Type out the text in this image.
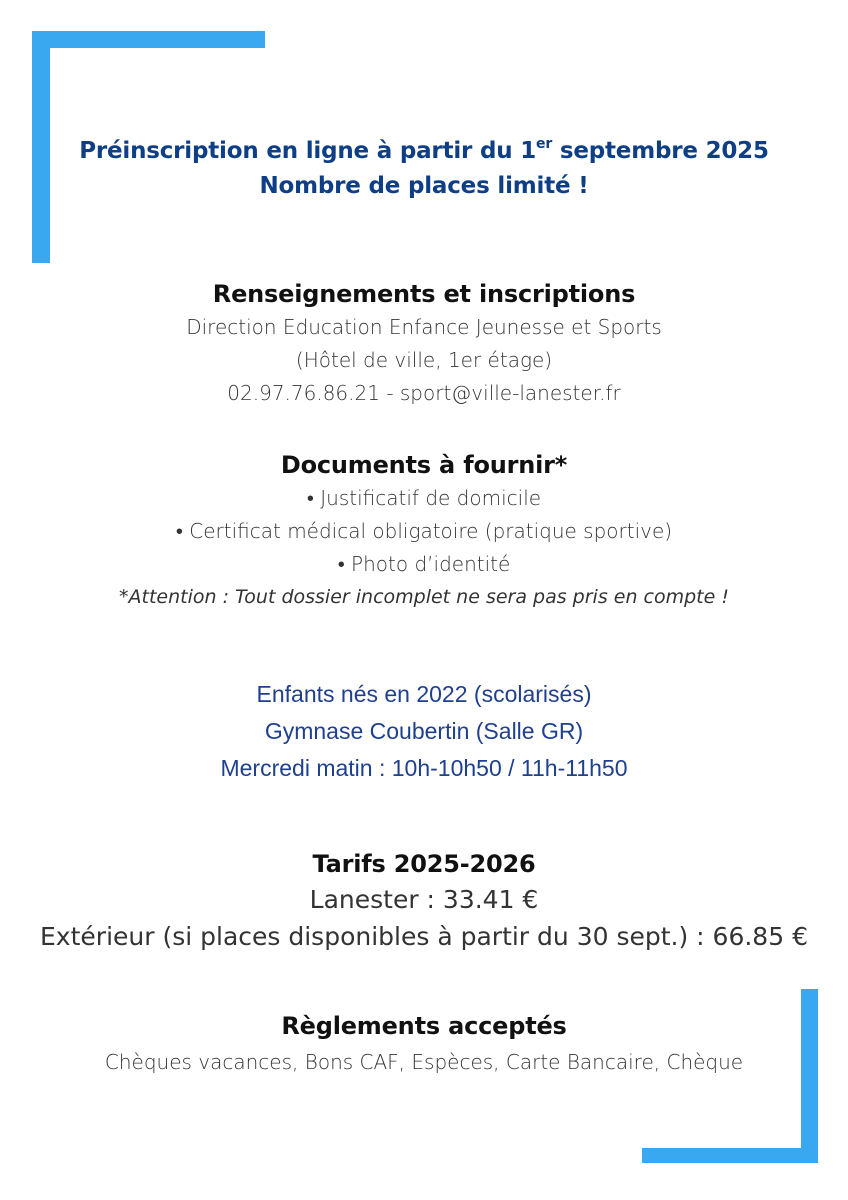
Préinscription en ligne à partir du 1er septembre 2025
Nombre de places limité !
Renseignements et inscriptions
Direction Education Enfance Jeunesse et Sports
(Hôtel de ville, 1er étage)
02.97.76.86.21 - sport@ville-lanester.fr
Documents à fournir*
• Justificatif de domicile
• Certificat médical obligatoire (pratique sportive)
• Photo d’identité
*Attention : Tout dossier incomplet ne sera pas pris en compte !
Enfants nés en 2022 (scolarisés)
Gymnase Coubertin (Salle GR)
Mercredi matin : 10h-10h50 / 11h-11h50
Tarifs 2025-2026
Lanester : 33.41 €
Extérieur (si places disponibles à partir du 30 sept.) : 66.85 €
Règlements acceptés
Chèques vacances, Bons CAF, Espèces, Carte Bancaire, Chèque
